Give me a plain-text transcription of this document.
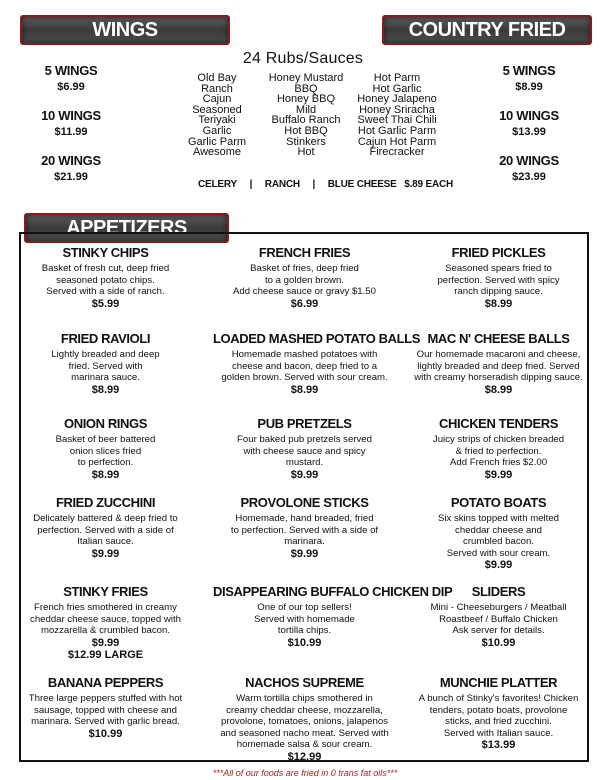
WINGS	COUNTRY FRIED
APPETIZERS
5 WINGS
$6.99
10 WINGS
$11.99
20 WINGS
$21.99
5 WINGS
$8.99
10 WINGS
$13.99
20 WINGS
$23.99
24 Rubs/Sauces
Old Bay
Ranch
Cajun
Seasoned
Teriyaki
Garlic
Garlic Parm
Awesome
Honey Mustard
BBQ
Honey BBQ
Mild
Buffalo Ranch
Hot BBQ
Stinkers
Hot
Hot Parm
Hot Garlic
Honey Jalapeno
Honey Sriracha
Sweet Thai Chili
Hot Garlic Parm
Cajun Hot Parm
Firecracker
CELERY | RANCH | BLUE CHEESE $.89 EACH
STINKY CHIPS
Basket of fresh cut, deep fried
seasoned potato chips.
Served with a side of ranch.
$5.99
FRENCH FRIES
Basket of fries, deep fried
to a golden brown.
Add cheese sauce or gravy $1.50
$6.99
FRIED PICKLES
Seasoned spears fried to
perfection. Served with spicy
ranch dipping sauce.
$8.99
FRIED RAVIOLI
Lightly breaded and deep
fried. Served with
marinara sauce.
$8.99
LOADED MASHED POTATO BALLS
Homemade mashed potatoes with
cheese and bacon, deep fried to a
golden brown. Served with sour cream.
$8.99
MAC N' CHEESE BALLS
Our homemade macaroni and cheese,
lightly breaded and deep fried. Served
with creamy horseradish dipping sauce.
$8.99
ONION RINGS
Basket of beer battered
onion slices fried
to perfection.
$8.99
PUB PRETZELS
Four baked pub pretzels served
with cheese sauce and spicy
mustard.
$9.99
CHICKEN TENDERS
Juicy strips of chicken breaded
& fried to perfection.
Add French fries $2.00
$9.99
FRIED ZUCCHINI
Delicately battered & deep fried to
perfection. Served with a side of
Italian sauce.
$9.99
PROVOLONE STICKS
Homemade, hand breaded, fried
to perfection. Served with a side of
marinara.
$9.99
POTATO BOATS
Six skins topped with melted
cheddar cheese and
crumbled bacon.
Served with sour cream.
$9.99
STINKY FRIES
French fries smothered in creamy
cheddar cheese sauce, topped with
mozzarella & crumbled bacon.
$9.99
$12.99 LARGE
DISAPPEARING BUFFALO CHICKEN DIP
One of our top sellers!
Served with homemade
tortilla chips.
$10.99
SLIDERS
Mini - Cheeseburgers / Meatball
Roastbeef / Buffalo Chicken
Ask server for details.
$10.99
BANANA PEPPERS
Three large peppers stuffed with hot
sausage, topped with cheese and
marinara. Served with garlic bread.
$10.99
NACHOS SUPREME
Warm tortilla chips smothered in
creamy cheddar cheese, mozzarella,
provolone, tomatoes, onions, jalapenos
and seasoned nacho meat. Served with
homemade salsa & sour cream.
$12.99
MUNCHIE PLATTER
A bunch of Stinky's favorites! Chicken
tenders, potato boats, provolone
sticks, and fried zucchini.
Served with Italian sauce.
$13.99
***All of our foods are fried in 0 trans fat oils***
